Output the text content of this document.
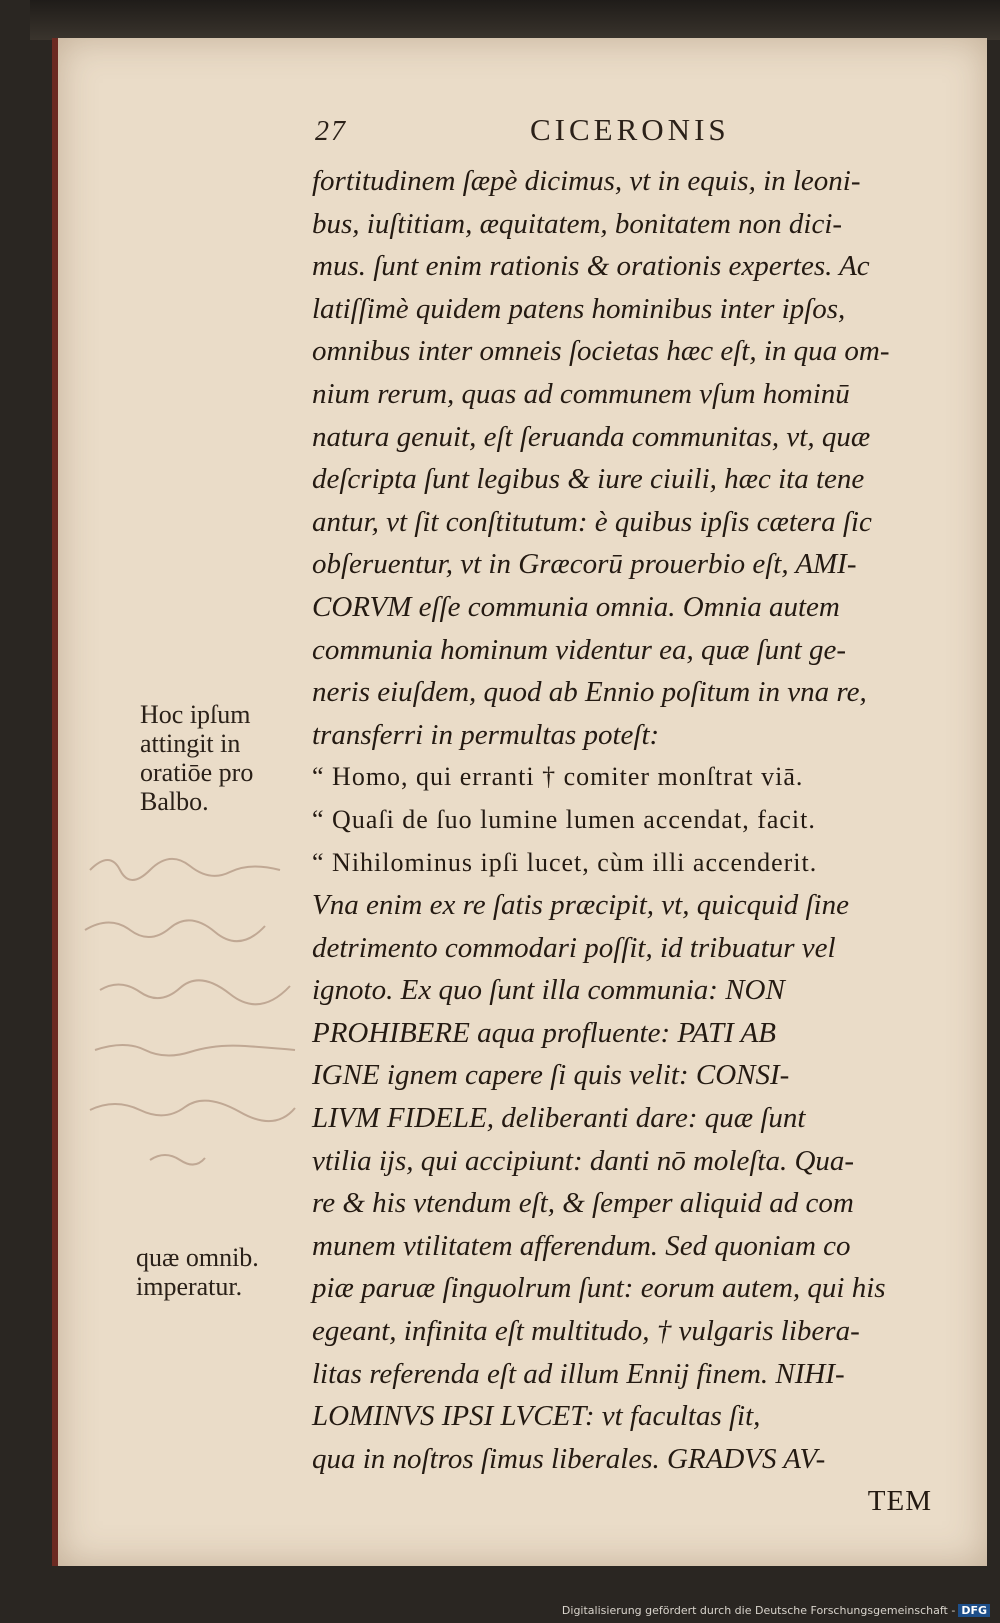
27	CICERONIS
fortitudinem ſæpè dicimus, vt in equis, in leoni-
bus, iuſtitiam, æquitatem, bonitatem non dici-
mus. ſunt enim rationis & orationis expertes. Ac
latiſſimè quidem patens hominibus inter ipſos,
omnibus inter omneis ſocietas hæc eſt, in qua om-
nium rerum, quas ad communem vſum hominū
natura genuit, eſt ſeruanda communitas, vt, quæ
deſcripta ſunt legibus & iure ciuili, hæc ita tene
antur, vt ſit conſtitutum: è quibus ipſis cætera ſic
obſeruentur, vt in Græcorū prouerbio eſt, AMI-
CORVM eſſe communia omnia. Omnia autem
communia hominum videntur ea, quæ ſunt ge-
neris eiuſdem, quod ab Ennio poſitum in vna re,
transferri in permultas poteſt:
“ Homo, qui erranti † comiter monſtrat viā.
“ Quaſi de ſuo lumine lumen accendat, facit.
“ Nihilominus ipſi lucet, cùm illi accenderit.
Vna enim ex re ſatis præcipit, vt, quicquid ſine
detrimento commodari poſſit, id tribuatur vel
ignoto. Ex quo ſunt illa communia: NON
PROHIBERE aqua profluente: PATI AB
IGNE ignem capere ſi quis velit: CONSI-
LIVM FIDELE, deliberanti dare: quæ ſunt
vtilia ijs, qui accipiunt: danti nō moleſta. Qua-
re & his vtendum eſt, & ſemper aliquid ad com
munem vtilitatem afferendum. Sed quoniam co
piæ paruæ ſinguolrum ſunt: eorum autem, qui his
egeant, infinita eſt multitudo, † vulgaris libera-
litas referenda eſt ad illum Ennij finem. NIHI-
LOMINVS IPSI LVCET: vt facultas ſit,
qua in noſtros ſimus liberales. GRADVS AV-
TEM
Hoc ipſum
attingit in
oratiōe pro
Balbo.
quæ omnib.
imperatur.
Digitalisierung gefördert durch die Deutsche Forschungsgemeinschaft - DFG
